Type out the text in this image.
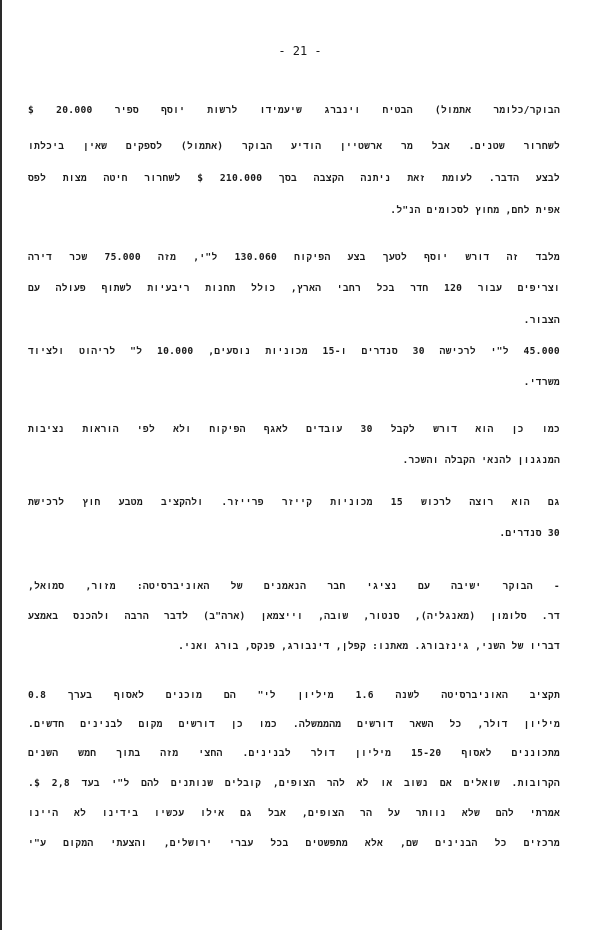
- 21 -
הבוקר/כלומר אתמול) הבטיח וינברג שיעמידו לרשות יוסף ספיר 20.000 $
לשחרור שטנים. אבל מר ארשטיין הודיע הבוקר (אתמול) לספקים שאין ביכלתו
לבצע הדבר. לעומת זאת ניתנה הקצבה בסך 210.000 $ לשחרור חיטה מצות לפס
אפית לחם, מחוץ לסכומים הנ"ל.
מלבד זה דורש יוסף לטעך בצע הפיקוח 130.060 ל"י, מזה 75.000 שכר דירה
וצריפים עבור 120 חדר בכל רחבי הארץ, כולל תחנות ריבעיות לשתוף פעולה עם
הצבור.
45.000 ל"י לרכישה 30 סנדרים ו-15 מכוניות נוסעים, 10.000 ל" לריהוט ולציוד
משרדי.
כמו כן הוא דורש לקבל 30 עובדים לאגף הפיקוח ולא לפי הוראות נציבות
המנגנון להנאי הקבלה והשכר.
גם הוא רוצה לרכוש 15 מכוניות קייזר פרייזר. ולהקציב מטבע חוץ לרכישת
30 סנדרים.
- הבוקר ישיבה עם נציגי חבר הנאמנים של האוניברסיטה: מזור, סמואל,
דר. סלומון (מאנגליה), סנטור, שובה, וייצמאן (ארה"ב) לדבר הרבה ולהכנס באמצע
דבריו של השני, גינזבורג. מאתנו: קפלן, דינבורג, פנקס, בורג ואני.
תקציב האוניברסיטה לשנה 1.6 מיליון לי" הם מוכנים לאסוף בערך 0.8
מיליון דולר, כל השאר דורשים מהממשלה. כמו כן דורשים מקום לבנינים חדשים.
מתכוננים לאסוף 15-20 מיליון דולר לבנינים. החצי מזה בתוך חמש השנים
הקרובות. שואלים אם נשוב או לא להר הצופים, קובלים שנותנים להם ל"י בעד 2,8 $.
אמרתי להם שלא נוותר על הר הצופים, אבל גם אילו עכשיו בידינו לא היינו
מרכזים כל הבנינים שם, אלא מתפשטים בכל עברי ירושלים, והצעתי המקום ע"י
